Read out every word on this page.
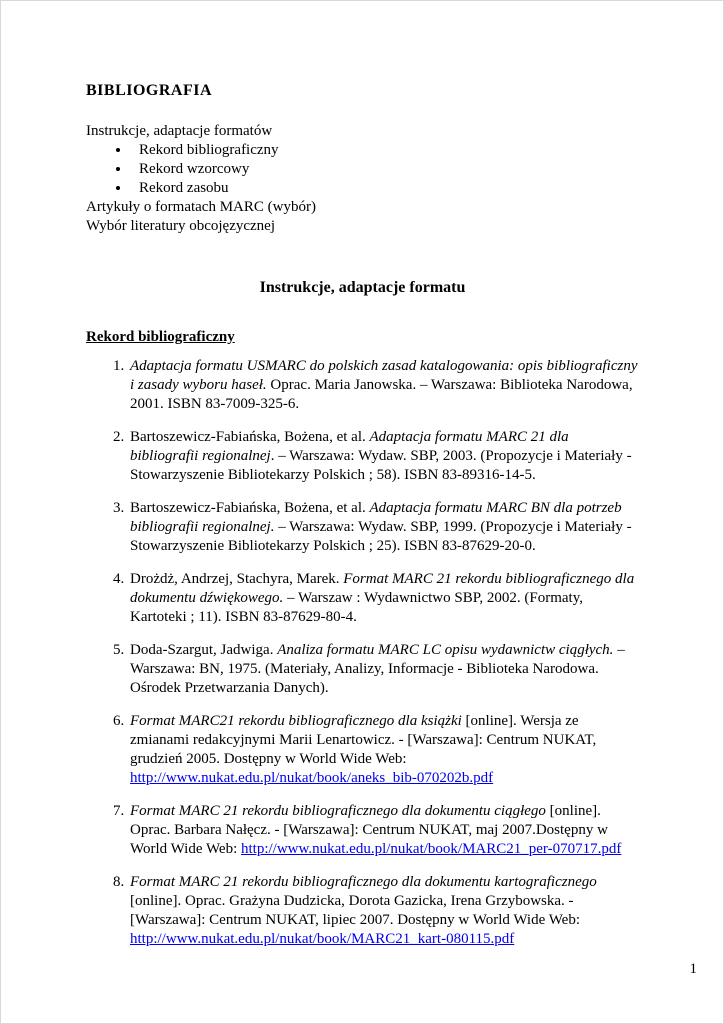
BIBLIOGRAFIA

Instrukcje, adaptacje formatów

• Rekord bibliograficzny
• Rekord wzorcowy
• Rekord zasobu

Artykuły o formatach MARC (wybór)

Wybór literatury obcojęzycznej

Instrukcje, adaptacje formatu
Rekord bibliograficzny
1. Adaptacja formatu USMARC do polskich zasad katalogowania: opis bibliograficzny i zasady wyboru haseł. Oprac. Maria Janowska. – Warszawa: Biblioteka Narodowa, 2001. ISBN 83-7009-325-6.
2. Bartoszewicz-Fabiańska, Bożena, et al. Adaptacja formatu MARC 21 dla bibliografii regionalnej. – Warszawa: Wydaw. SBP, 2003. (Propozycje i Materiały - Stowarzyszenie Bibliotekarzy Polskich ; 58). ISBN 83-89316-14-5.
3. Bartoszewicz-Fabiańska, Bożena, et al. Adaptacja formatu MARC BN dla potrzeb bibliografii regionalnej. – Warszawa: Wydaw. SBP, 1999. (Propozycje i Materiały - Stowarzyszenie Bibliotekarzy Polskich ; 25). ISBN 83-87629-20-0.
4. Drożdż, Andrzej, Stachyra, Marek. Format MARC 21 rekordu bibliograficznego dla dokumentu dźwiękowego. – Warszaw : Wydawnictwo SBP, 2002. (Formaty, Kartoteki ; 11). ISBN 83-87629-80-4.
5. Doda-Szargut, Jadwiga. Analiza formatu MARC LC opisu wydawnictw ciągłych. – Warszawa: BN, 1975. (Materiały, Analizy, Informacje - Biblioteka Narodowa. Ośrodek Przetwarzania Danych).
6. Format MARC21 rekordu bibliograficznego dla książki [online]. Wersja ze zmianami redakcyjnymi Marii Lenartowicz. - [Warszawa]: Centrum NUKAT, grudzień 2005. Dostępny w World Wide Web: http://www.nukat.edu.pl/nukat/book/aneks_bib-070202b.pdf
7. Format MARC 21 rekordu bibliograficznego dla dokumentu ciągłego [online]. Oprac. Barbara Nałęcz. - [Warszawa]: Centrum NUKAT, maj 2007.Dostępny w World Wide Web: http://www.nukat.edu.pl/nukat/book/MARC21_per-070717.pdf
8. Format MARC 21 rekordu bibliograficznego dla dokumentu kartograficznego [online]. Oprac. Grażyna Dudzicka, Dorota Gazicka, Irena Grzybowska. - [Warszawa]: Centrum NUKAT, lipiec 2007. Dostępny w World Wide Web: http://www.nukat.edu.pl/nukat/book/MARC21_kart-080115.pdf
1
